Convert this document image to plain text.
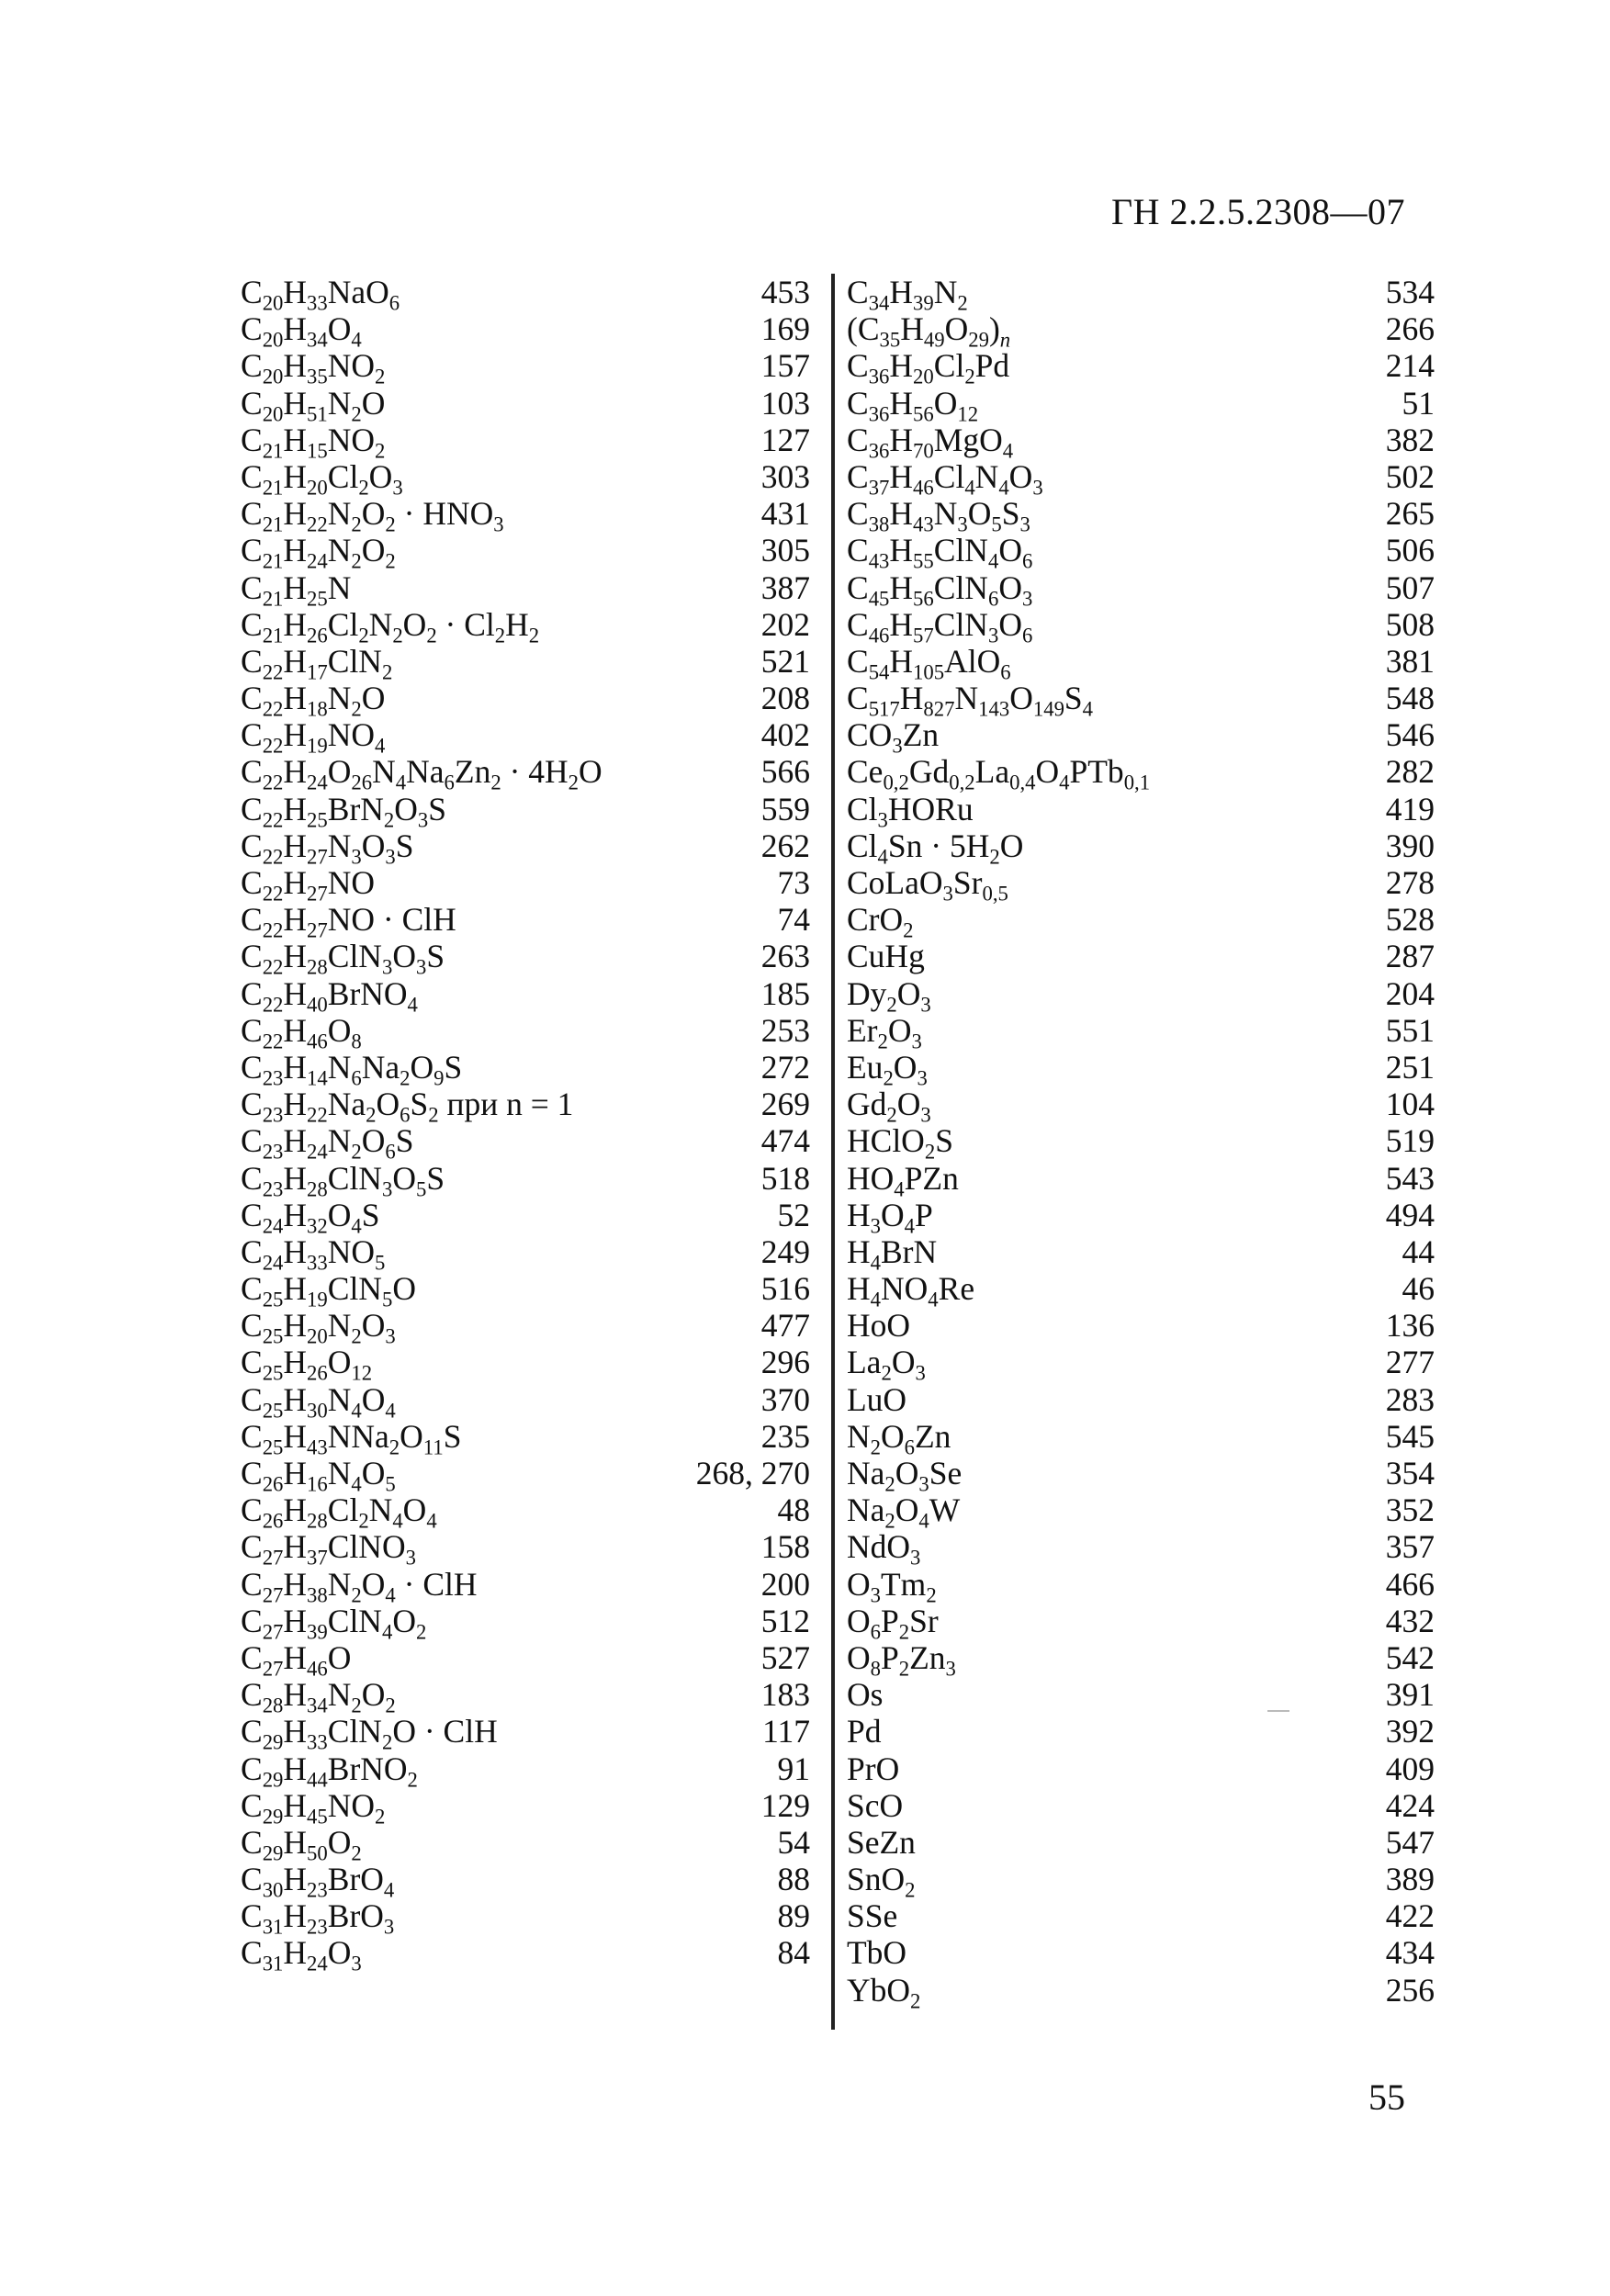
ГН 2.2.5.2308—07
$C_{20}H_{33}NaO_6$	453
$C_{20}H_{34}O_4$	169
$C_{20}H_{35}NO_2$	157
$C_{20}H_{51}N_2O$	103
$C_{21}H_{15}NO_2$	127
$C_{21}H_{20}Cl_2O_3$	303
$C_{21}H_{22}N_2O_2 \cdot HNO_3$	431
$C_{21}H_{24}N_2O_2$	305
$C_{21}H_{25}N$	387
$C_{21}H_{26}Cl_2N_2O_2 \cdot Cl_2H_2$	202
$C_{22}H_{17}ClN_2$	521
$C_{22}H_{18}N_2O$	208
$C_{22}H_{19}NO_4$	402
$C_{22}H_{24}O_{26}N_4Na_6Zn_2 \cdot 4H_2O$	566
$C_{22}H_{25}BrN_2O_3S$	559
$C_{22}H_{27}N_3O_3S$	262
$C_{22}H_{27}NO$	73
$C_{22}H_{27}NO$ · ClH	74
$C_{22}H_{28}ClN_3O_3S$	263
$C_{22}H_{40}BrNO_4$	185
$C_{22}H_{46}O_8$	253
$C_{23}H_{14}N_6Na_2O_9S$	272
$C_{23}H_{22}Na_2O_6S_2$ при n = 1	269
$C_{23}H_{24}N_2O_6S$	474
$C_{23}H_{28}ClN_3O_5S$	518
$C_{24}H_{32}O_4S$	52
$C_{24}H_{33}NO_5$	249
$C_{25}H_{19}ClN_5O$	516
$C_{25}H_{20}N_2O_3$	477
$C_{25}H_{26}O_{12}$	296
$C_{25}H_{30}N_4O_4$	370
$C_{25}H_{43}NNa_2O_{11}S$	235
$C_{26}H_{16}N_4O_5$	268, 270
$C_{26}H_{28}Cl_2N_4O_4$	48
$C_{27}H_{37}ClNO_3$	158
$C_{27}H_{38}N_2O_4$ · ClH	200
$C_{27}H_{39}ClN_4O_2$	512
$C_{27}H_{46}O$	527
$C_{28}H_{34}N_2O_2$	183
$C_{29}H_{33}ClN_2O$ · ClH	117
$C_{29}H_{44}BrNO_2$	91
$C_{29}H_{45}NO_2$	129
$C_{29}H_{50}O_2$	54
$C_{30}H_{23}BrO_4$	88
$C_{31}H_{23}BrO_3$	89
$C_{31}H_{24}O_3$	84
$C_{34}H_{39}N_2$	534
$(C_{35}H_{49}O_{29})_n$	266
$C_{36}H_{20}Cl_2Pd$	214
$C_{36}H_{56}O_{12}$	51
$C_{36}H_{70}MgO_4$	382
$C_{37}H_{46}Cl_4N_4O_3$	502
$C_{38}H_{43}N_3O_5S_3$	265
$C_{43}H_{55}ClN_4O_6$	506
$C_{45}H_{56}ClN_6O_3$	507
$C_{46}H_{57}ClN_3O_6$	508
$C_{54}H_{105}AlO_6$	381
$C_{517}H_{827}N_{143}O_{149}S_4$	548
$CO_3Zn$	546
$Ce_{0,2}Gd_{0,2}La_{0,4}O_4PTb_{0,1}$	282
$Cl_3HORu$	419
$Cl_4Sn \cdot 5H_2O$	390
$CoLaO_3Sr_{0,5}$	278
CrO$_2$	528
CuHg	287
$Dy_2O_3$	204
$Er_2O_3$	551
$Eu_2O_3$	251
$Gd_2O_3$	104
HClO$_2$S	519
$HO_4PZn$	543
$H_3O_4P$	494
$H_4BrN$	44
$H_4NO_4Re$	46
HoO	136
$La_2O_3$	277
LuO	283
$N_2O_6Zn$	545
$Na_2O_3Se$	354
$Na_2O_4W$	352
NdO$_3$	357
$O_3Tm_2$	466
$O_6P_2Sr$	432
$O_8P_2Zn_3$	542
Os	391
Pd	392
PrO	409
ScO	424
SeZn	547
SnO$_2$	389
SSe	422
TbO	434
YbO$_2$	256
55
